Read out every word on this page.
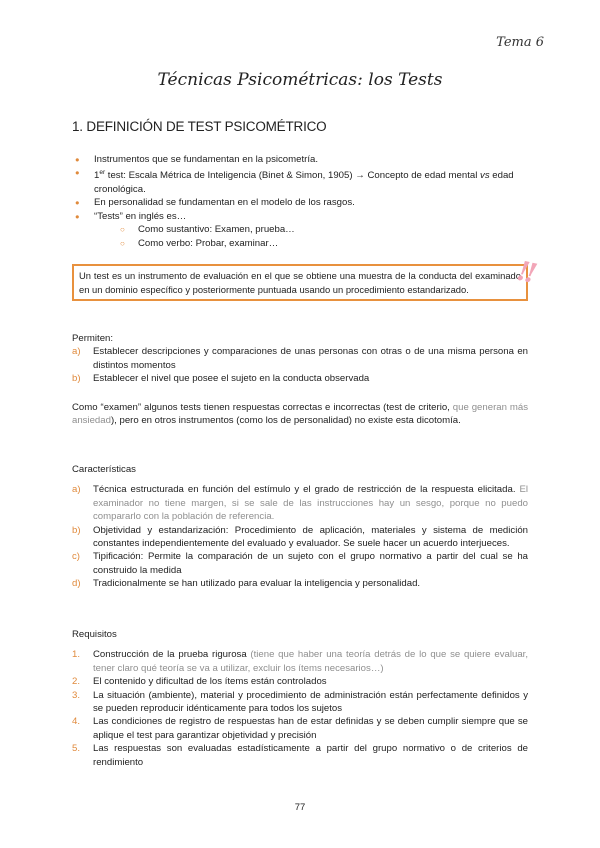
Tema 6
Técnicas Psicométricas: los Tests
1. DEFINICIÓN DE TEST PSICOMÉTRICO
● Instrumentos que se fundamentan en la psicometría.
● 1er test: Escala Métrica de Inteligencia (Binet & Simon, 1905) → Concepto de edad mental vs edad cronológica.
● En personalidad se fundamentan en el modelo de los rasgos.
● “Tests” en inglés es…
○ Como sustantivo: Examen, prueba…
○ Como verbo: Probar, examinar…
Un test es un instrumento de evaluación en el que se obtiene una muestra de la conducta del examinado en un dominio específico y posteriormente puntuada usando un procedimiento estandarizado.	!!
Permiten:
a) Establecer descripciones y comparaciones de unas personas con otras o de una misma persona en distintos momentos
b) Establecer el nivel que posee el sujeto en la conducta observada
Como “examen” algunos tests tienen respuestas correctas e incorrectas (test de criterio, que generan más ansiedad), pero en otros instrumentos (como los de personalidad) no existe esta dicotomía.
Características
a) Técnica estructurada en función del estímulo y el grado de restricción de la respuesta elicitada. El examinador no tiene margen, si se sale de las instrucciones hay un sesgo, porque no puedo compararlo con la población de referencia.
b) Objetividad y estandarización: Procedimiento de aplicación, materiales y sistema de medición constantes independientemente del evaluado y evaluador. Se suele hacer un acuerdo interjueces.
c) Tipificación: Permite la comparación de un sujeto con el grupo normativo a partir del cual se ha construido la medida
d) Tradicionalmente se han utilizado para evaluar la inteligencia y personalidad.
Requisitos
1. Construcción de la prueba rigurosa (tiene que haber una teoría detrás de lo que se quiere evaluar, tener claro qué teoría se va a utilizar, excluir los ítems necesarios…)
2. El contenido y dificultad de los ítems están controlados
3. La situación (ambiente), material y procedimiento de administración están perfectamente definidos y se pueden reproducir idénticamente para todos los sujetos
4. Las condiciones de registro de respuestas han de estar definidas y se deben cumplir siempre que se aplique el test para garantizar objetividad y precisión
5. Las respuestas son evaluadas estadísticamente a partir del grupo normativo o de criterios de rendimiento
77
